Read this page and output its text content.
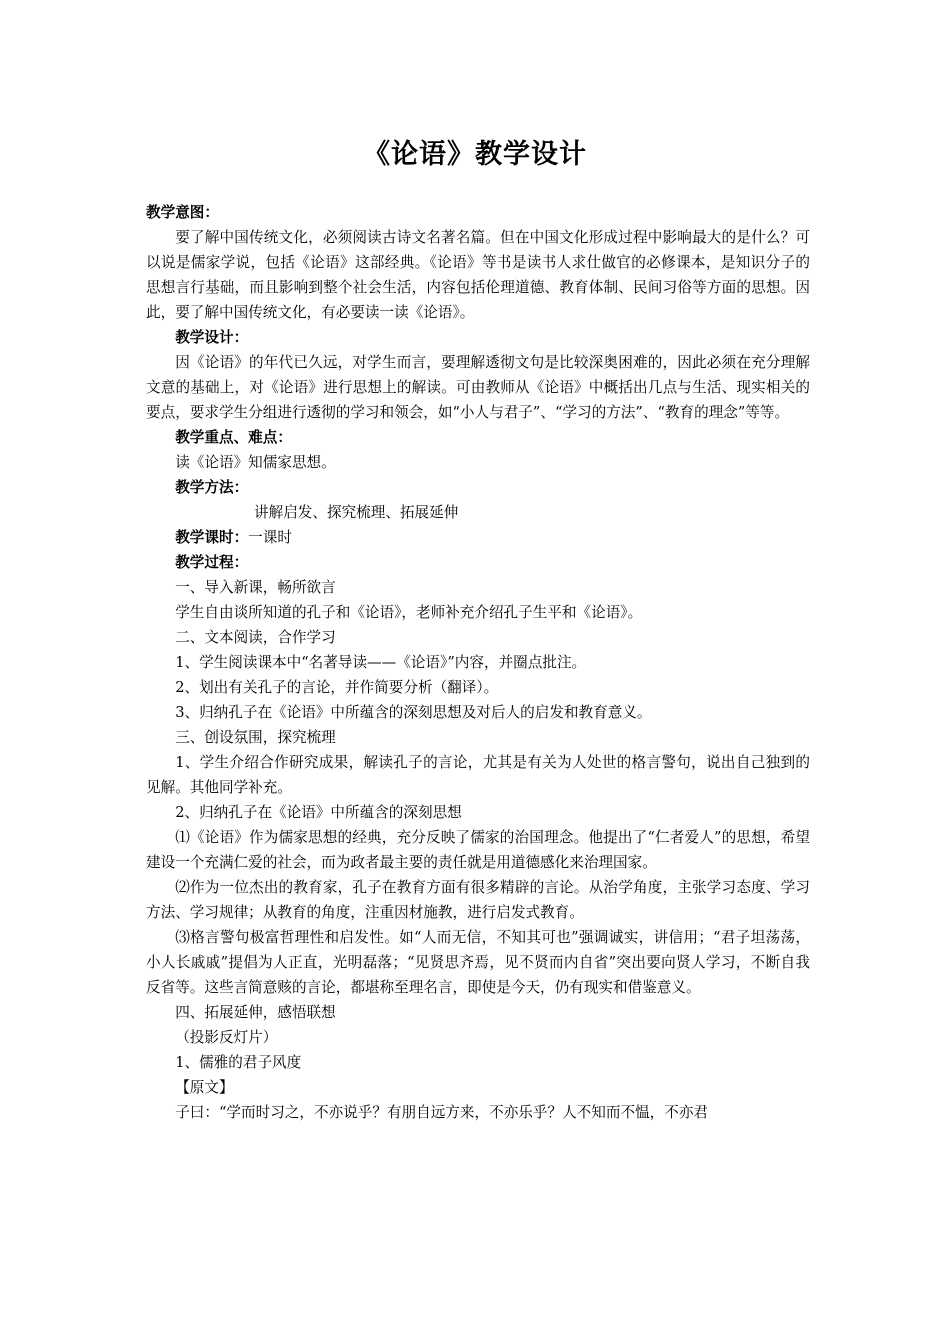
《论语》教学设计

教学意图：

要了解中国传统文化，必须阅读古诗文名著名篇。但在中国文化形成过程中影响最大的是什么？可以说是儒家学说，包括《论语》这部经典。《论语》等书是读书人求仕做官的必修课本，是知识分子的思想言行基础，而且影响到整个社会生活，内容包括伦理道德、教育体制、民间习俗等方面的思想。因此，要了解中国传统文化，有必要读一读《论语》。

教学设计：

因《论语》的年代已久远，对学生而言，要理解透彻文句是比较深奥困难的，因此必须在充分理解文意的基础上，对《论语》进行思想上的解读。可由教师从《论语》中概括出几点与生活、现实相关的要点，要求学生分组进行透彻的学习和领会，如“小人与君子”、“学习的方法”、“教育的理念”等等。

教学重点、难点：

读《论语》知儒家思想。

教学方法：

讲解启发、探究梳理、拓展延伸

教学课时：一课时

教学过程：

一、导入新课，畅所欲言

学生自由谈所知道的孔子和《论语》，老师补充介绍孔子生平和《论语》。

二、文本阅读，合作学习

1、学生阅读课本中“名著导读——《论语》”内容，并圈点批注。

2、划出有关孔子的言论，并作简要分析（翻译）。

3、归纳孔子在《论语》中所蕴含的深刻思想及对后人的启发和教育意义。

三、创设氛围，探究梳理

1、学生介绍合作研究成果，解读孔子的言论，尤其是有关为人处世的格言警句，说出自己独到的见解。其他同学补充。

2、归纳孔子在《论语》中所蕴含的深刻思想

⑴《论语》作为儒家思想的经典，充分反映了儒家的治国理念。他提出了“仁者爱人”的思想，希望建设一个充满仁爱的社会，而为政者最主要的责任就是用道德感化来治理国家。

⑵作为一位杰出的教育家，孔子在教育方面有很多精辟的言论。从治学角度，主张学习态度、学习方法、学习规律；从教育的角度，注重因材施教，进行启发式教育。

⑶格言警句极富哲理性和启发性。如“人而无信，不知其可也”强调诚实，讲信用；“君子坦荡荡，小人长戚戚”提倡为人正直，光明磊落；“见贤思齐焉，见不贤而内自省”突出要向贤人学习，不断自我反省等。这些言简意赅的言论，都堪称至理名言，即使是今天，仍有现实和借鉴意义。

四、拓展延伸，感悟联想

（投影反灯片）

1、儒雅的君子风度

【原文】

子曰：“学而时习之，不亦说乎？有朋自远方来，不亦乐乎？人不知而不愠，不亦君
